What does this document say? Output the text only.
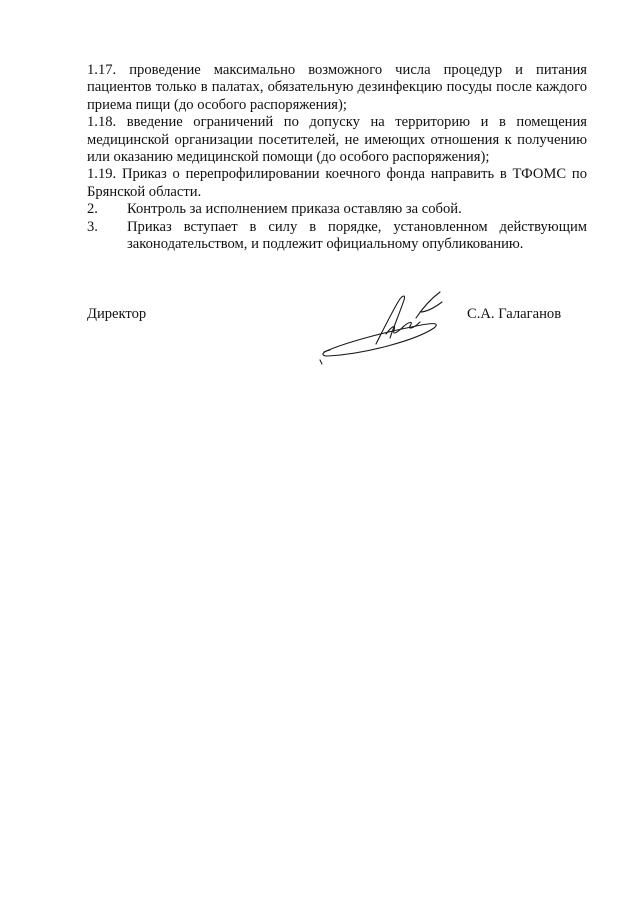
1.17. проведение максимально возможного числа процедур и питания пациентов только в палатах, обязательную дезинфекцию посуды после каждого приема пищи (до особого распоряжения);

1.18. введение ограничений по допуску на территорию и в помещения медицинской организации посетителей, не имеющих отношения к получению или оказанию медицинской помощи (до особого распоряжения);

1.19. Приказ о перепрофилировании коечного фонда направить в ТФОМС по Брянской области.

2.	Контроль за исполнением приказа оставляю за собой.
3.	Приказ вступает в силу в порядке, установленном действующим законодательством, и подлежит официальному опубликованию.
Директор	С.А. Галаганов
